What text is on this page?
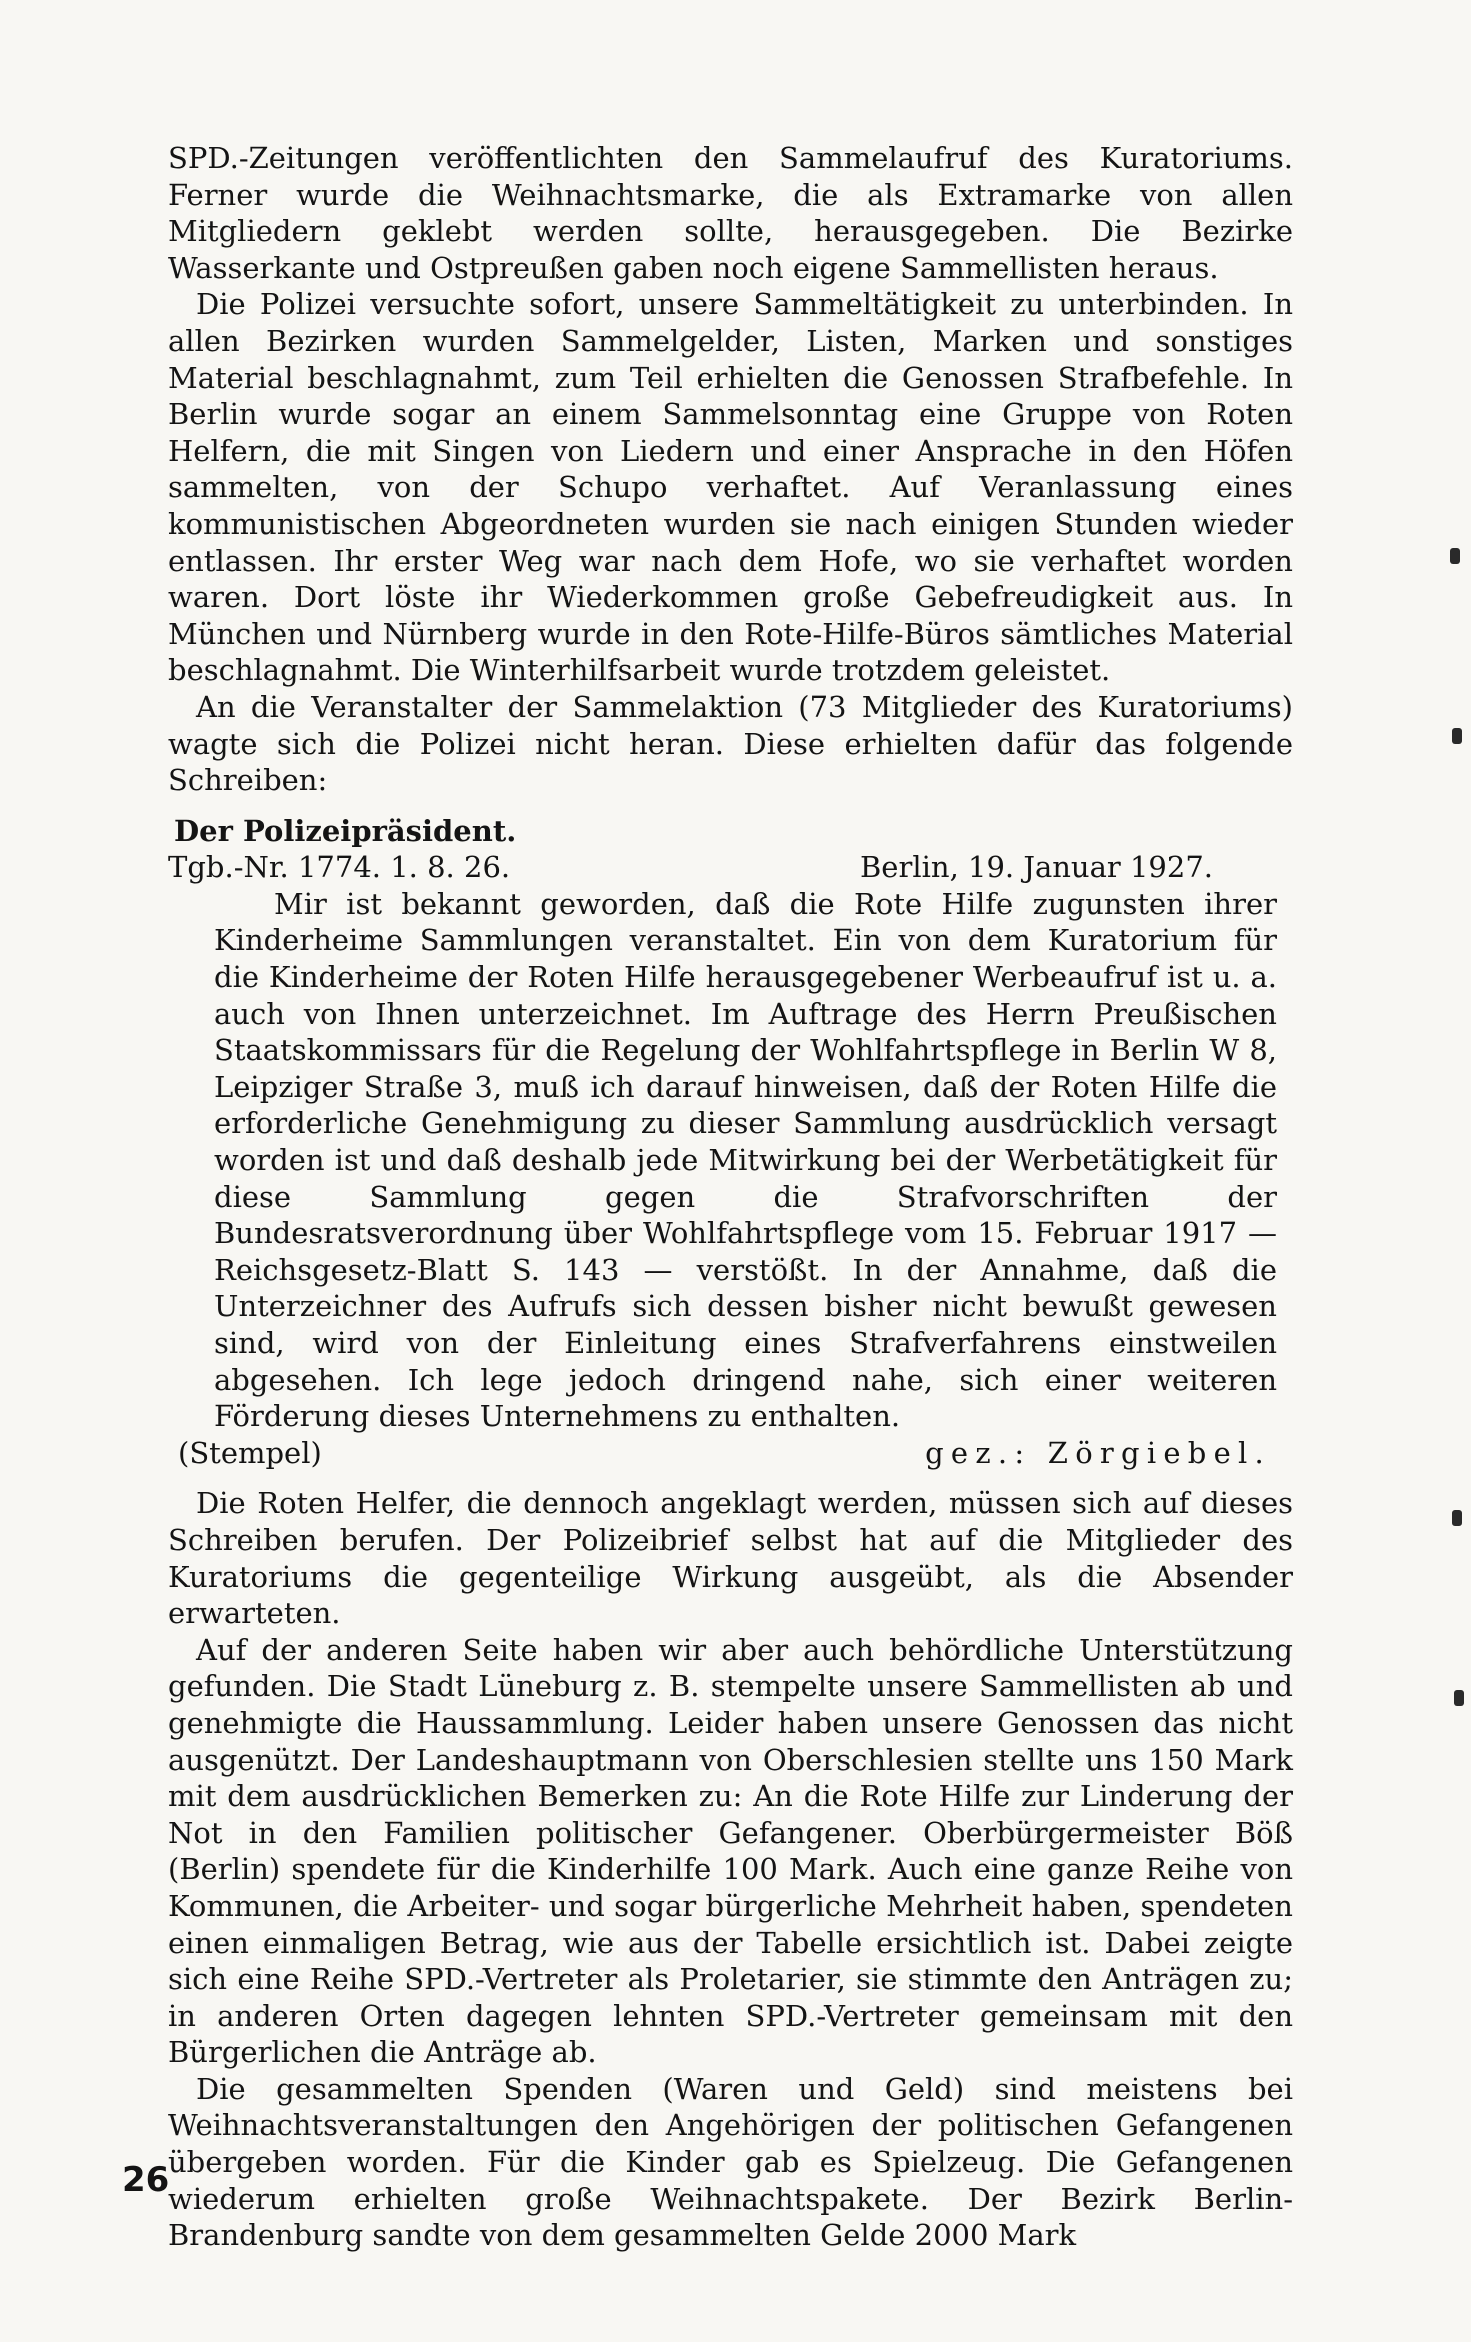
SPD.-Zeitungen veröffentlichten den Sammelaufruf des Kuratoriums. Ferner wurde die Weihnachtsmarke, die als Extramarke von allen Mitgliedern geklebt werden sollte, herausgegeben. Die Bezirke Wasserkante und Ostpreußen gaben noch eigene Sammellisten heraus.

Die Polizei versuchte sofort, unsere Sammeltätigkeit zu unterbinden. In allen Bezirken wurden Sammelgelder, Listen, Marken und sonstiges Material beschlagnahmt, zum Teil erhielten die Genossen Strafbefehle. In Berlin wurde sogar an einem Sammelsonntag eine Gruppe von Roten Helfern, die mit Singen von Liedern und einer Ansprache in den Höfen sammelten, von der Schupo verhaftet. Auf Veranlassung eines kommunistischen Abgeordneten wurden sie nach einigen Stunden wieder entlassen. Ihr erster Weg war nach dem Hofe, wo sie verhaftet worden waren. Dort löste ihr Wiederkommen große Gebefreudigkeit aus. In München und Nürnberg wurde in den Rote-Hilfe-Büros sämtliches Material beschlagnahmt. Die Winterhilfsarbeit wurde trotzdem geleistet.

An die Veranstalter der Sammelaktion (73 Mitglieder des Kuratoriums) wagte sich die Polizei nicht heran. Diese erhielten dafür das folgende Schreiben:

Der Polizeipräsident.
Tgb.-Nr. 1774. 1. 8. 26.	Berlin, 19. Januar 1927.

Mir ist bekannt geworden, daß die Rote Hilfe zugunsten ihrer Kinderheime Sammlungen veranstaltet. Ein von dem Kuratorium für die Kinderheime der Roten Hilfe herausgegebener Werbeaufruf ist u. a. auch von Ihnen unterzeichnet. Im Auftrage des Herrn Preußischen Staatskommissars für die Regelung der Wohlfahrtspflege in Berlin W 8, Leipziger Straße 3, muß ich darauf hinweisen, daß der Roten Hilfe die erforderliche Genehmigung zu dieser Sammlung ausdrücklich versagt worden ist und daß deshalb jede Mitwirkung bei der Werbetätigkeit für diese Sammlung gegen die Strafvorschriften der Bundesratsverordnung über Wohlfahrtspflege vom 15. Februar 1917 — Reichsgesetz-Blatt S. 143 — verstößt. In der Annahme, daß die Unterzeichner des Aufrufs sich dessen bisher nicht bewußt gewesen sind, wird von der Einleitung eines Strafverfahrens einstweilen abgesehen. Ich lege jedoch dringend nahe, sich einer weiteren Förderung dieses Unternehmens zu enthalten.

(Stempel)	gez.: Zörgiebel.

Die Roten Helfer, die dennoch angeklagt werden, müssen sich auf dieses Schreiben berufen. Der Polizeibrief selbst hat auf die Mitglieder des Kuratoriums die gegenteilige Wirkung ausgeübt, als die Absender erwarteten.

Auf der anderen Seite haben wir aber auch behördliche Unterstützung gefunden. Die Stadt Lüneburg z. B. stempelte unsere Sammellisten ab und genehmigte die Haussammlung. Leider haben unsere Genossen das nicht ausgenützt. Der Landeshauptmann von Oberschlesien stellte uns 150 Mark mit dem ausdrücklichen Bemerken zu: An die Rote Hilfe zur Linderung der Not in den Familien politischer Gefangener. Oberbürgermeister Böß (Berlin) spendete für die Kinderhilfe 100 Mark. Auch eine ganze Reihe von Kommunen, die Arbeiter- und sogar bürgerliche Mehrheit haben, spendeten einen einmaligen Betrag, wie aus der Tabelle ersichtlich ist. Dabei zeigte sich eine Reihe SPD.-Vertreter als Proletarier, sie stimmte den Anträgen zu; in anderen Orten dagegen lehnten SPD.-Vertreter gemeinsam mit den Bürgerlichen die Anträge ab.

Die gesammelten Spenden (Waren und Geld) sind meistens bei Weihnachtsveranstaltungen den Angehörigen der politischen Gefangenen übergeben worden. Für die Kinder gab es Spielzeug. Die Gefangenen wiederum erhielten große Weihnachtspakete. Der Bezirk Berlin-Brandenburg sandte von dem gesammelten Gelde 2000 Mark

26
